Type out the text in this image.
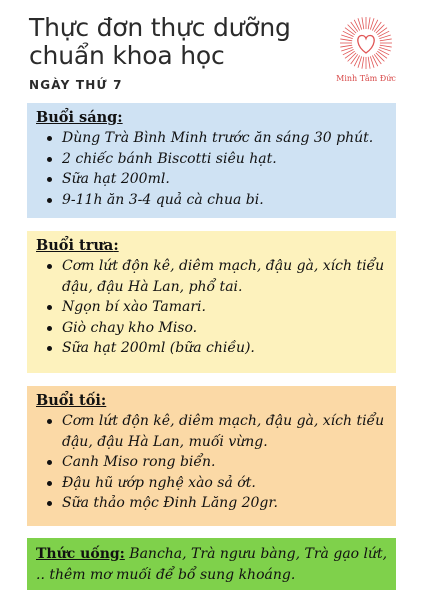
Thực đơn thực dưỡng chuẩn khoa học
NGÀY THỨ 7	Minh Tâm Đức
Buổi sáng:
Dùng Trà Bình Minh trước ăn sáng 30 phút.
2 chiếc bánh Biscotti siêu hạt.
Sữa hạt 200ml.
9-11h ăn 3-4 quả cà chua bi.
Buổi trưa:
Cơm lứt độn kê, diêm mạch, đậu gà, xích tiểu đậu, đậu Hà Lan, phổ tai.
Ngọn bí xào Tamari.
Giò chay kho Miso.
Sữa hạt 200ml (bữa chiều).
Buổi tối:
Cơm lứt độn kê, diêm mạch, đậu gà, xích tiểu đậu, đậu Hà Lan, muối vừng.
Canh Miso rong biển.
Đậu hũ ướp nghệ xào sả ớt.
Sữa thảo mộc Đinh Lăng 20gr.
Thức uống: Bancha, Trà ngưu bàng, Trà gạo lứt, .. thêm mơ muối để bổ sung khoáng.
